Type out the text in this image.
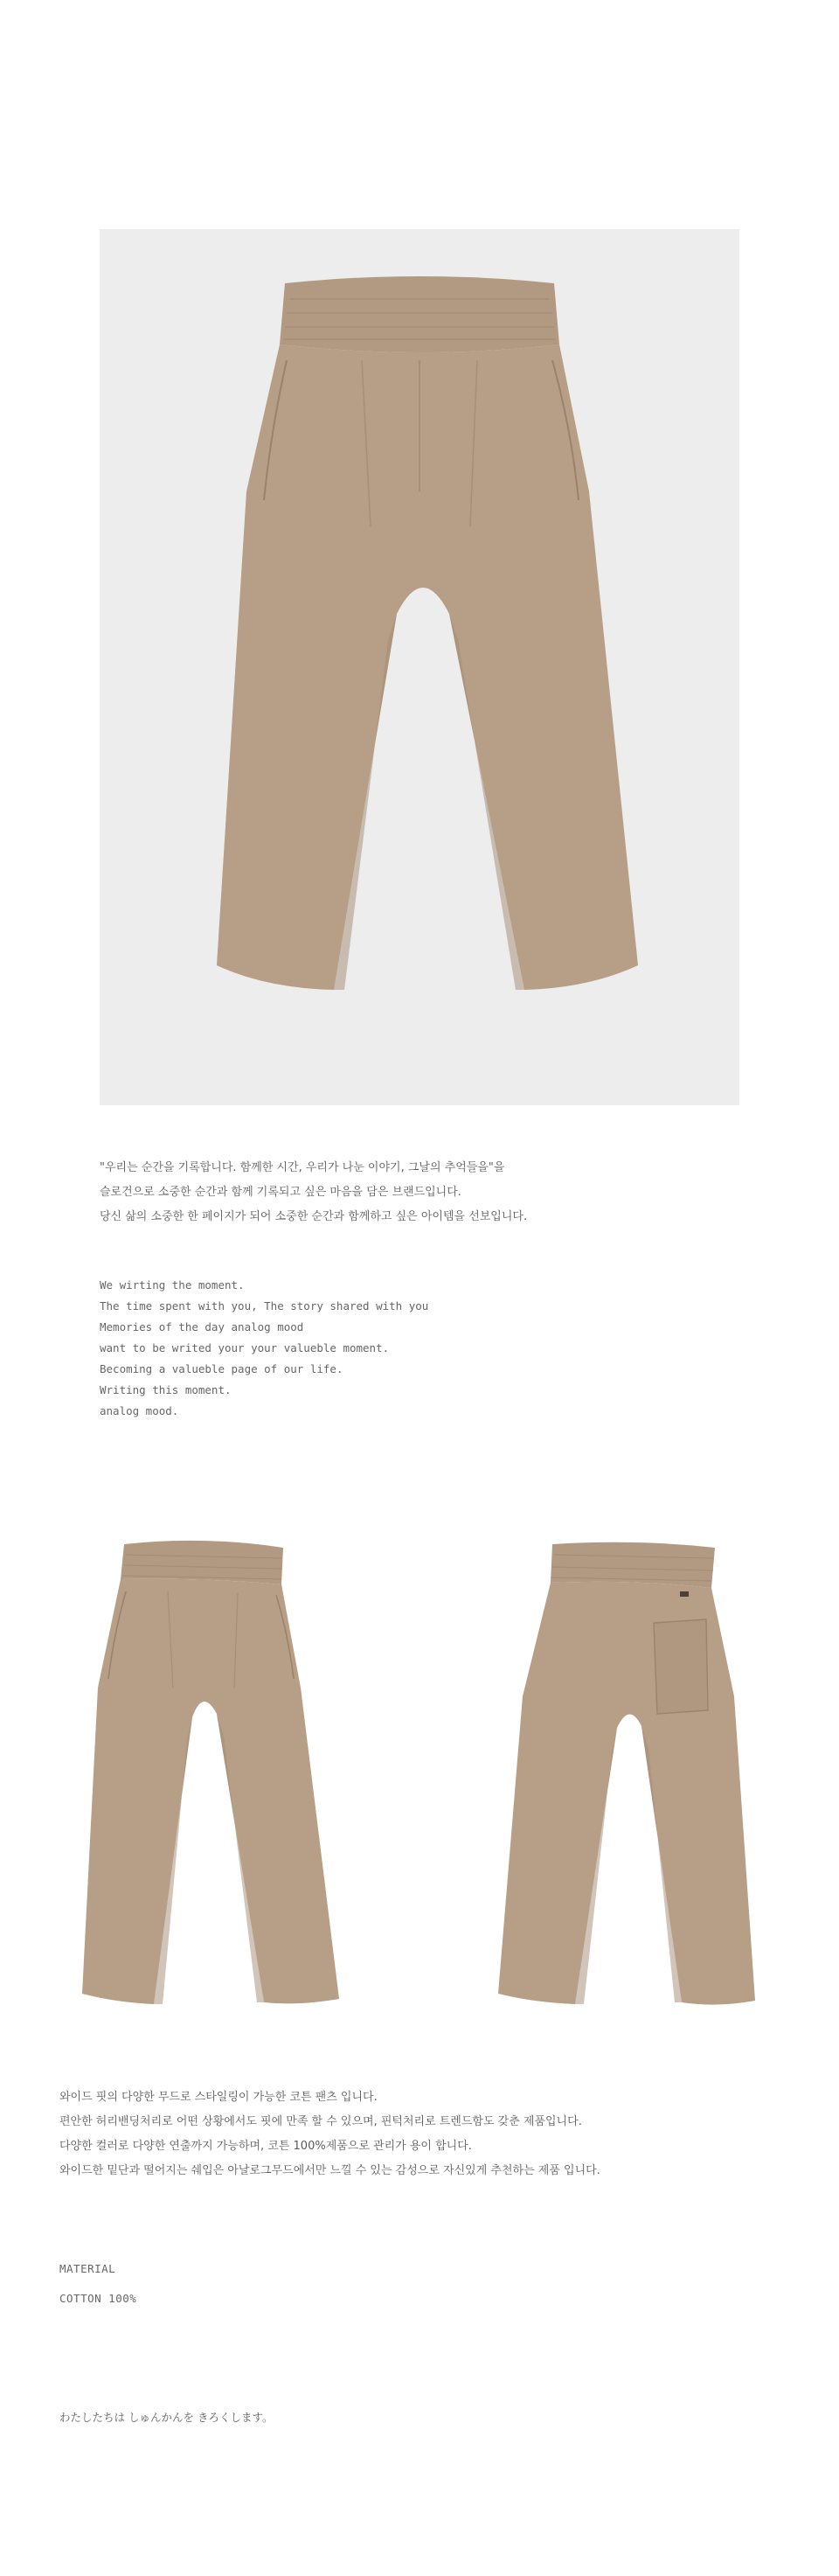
"우리는 순간을 기록합니다. 함께한 시간, 우리가 나눈 이야기, 그날의 추억들을"을

슬로건으로 소중한 순간과 함께 기록되고 싶은 마음을 담은 브랜드입니다.

당신 삶의 소중한 한 페이지가 되어 소중한 순간과 함께하고 싶은 아이템을 선보입니다.

We wirting the moment.

The time spent with you, The story shared with you

Memories of the day analog mood

want to be writed your your valueble moment.

Becoming a valueble page of our life.

Writing this moment.

analog mood.

와이드 핏의 다양한 무드로 스타일링이 가능한 코튼 팬츠 입니다.

편안한 허리밴딩처리로 어떤 상황에서도 핏에 만족 할 수 있으며, 핀턱처리로 트렌드함도 갖춘 제품입니다.

다양한 컬러로 다양한 연출까지 가능하며, 코튼 100%제품으로 관리가 용이 합니다.

와이드한 밑단과 떨어지는 쉐입은 아날로그무드에서만 느낄 수 있는 감성으로 자신있게 추천하는 제품 입니다.

MATERIAL
COTTON 100%
わたしたちは しゅんかんを きろくします。
